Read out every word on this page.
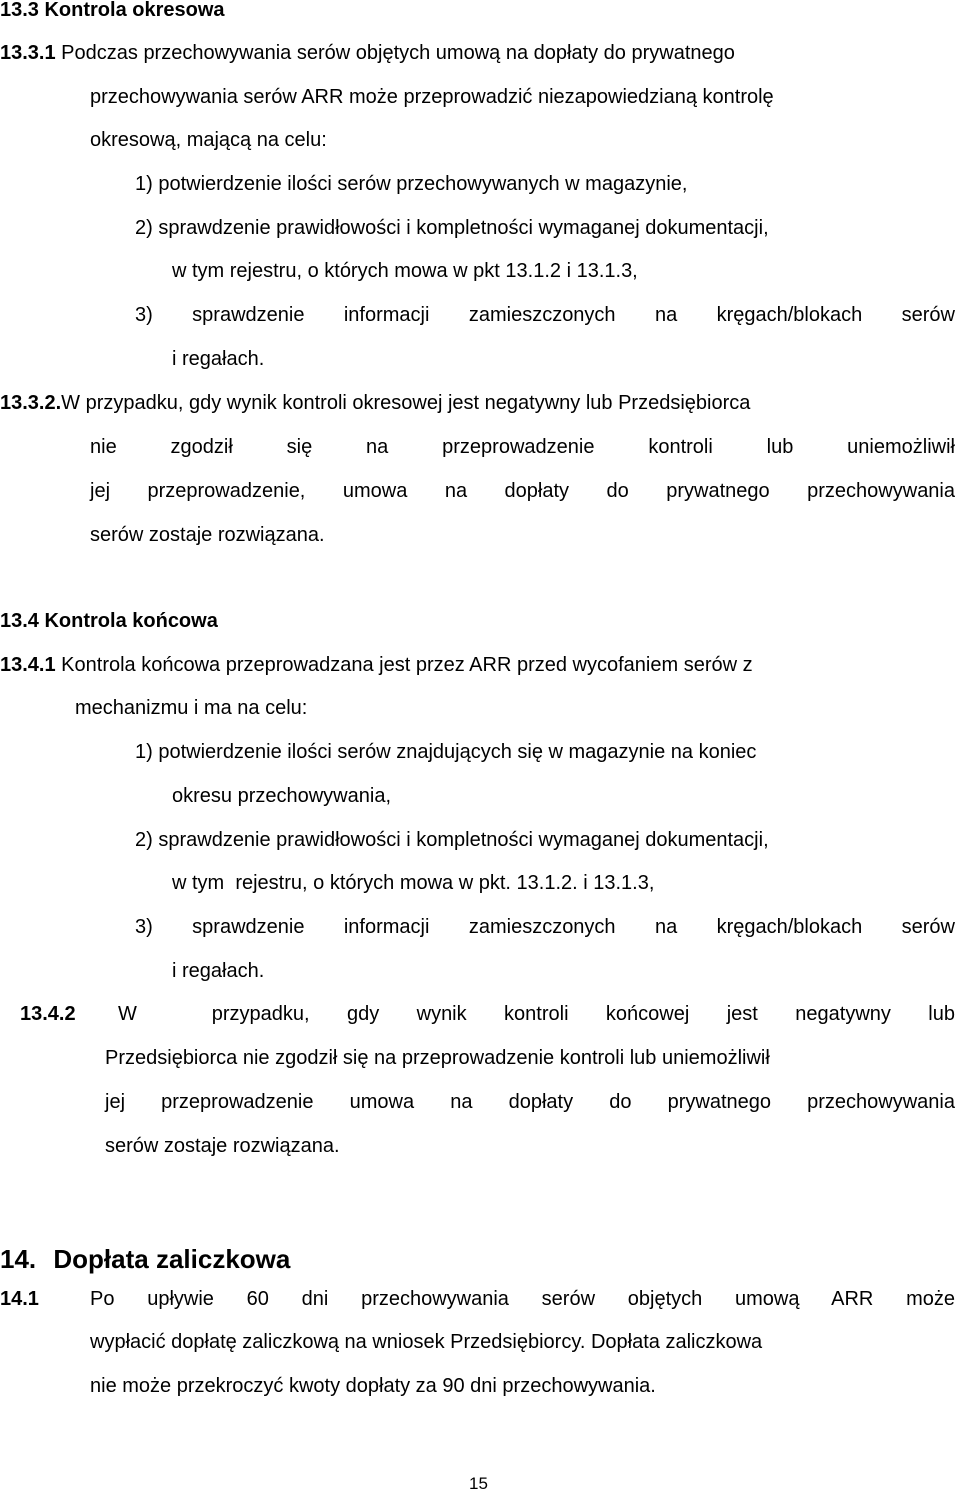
13.3 Kontrola okresowa
13.3.1 Podczas przechowywania serów objętych umową na dopłaty do prywatnego
przechowywania serów ARR może przeprowadzić niezapowiedzianą kontrolę
okresową, mającą na celu:
1) potwierdzenie ilości serów przechowywanych w magazynie,
2) sprawdzenie prawidłowości i kompletności wymaganej dokumentacji,
w tym rejestru, o których mowa w pkt 13.1.2 i 13.1.3,
3) sprawdzenie informacji zamieszczonych na kręgach/blokach serów
i regałach.
13.3.2.W przypadku, gdy wynik kontroli okresowej jest negatywny lub Przedsiębiorca
nie zgodził się na przeprowadzenie kontroli lub uniemożliwił
jej przeprowadzenie, umowa na dopłaty do prywatnego przechowywania
serów zostaje rozwiązana.
13.4 Kontrola końcowa
13.4.1 Kontrola końcowa przeprowadzana jest przez ARR przed wycofaniem serów z
mechanizmu i ma na celu:
1) potwierdzenie ilości serów znajdujących się w magazynie na koniec
okresu przechowywania,
2) sprawdzenie prawidłowości i kompletności wymaganej dokumentacji,
w tym  rejestru, o których mowa w pkt. 13.1.2. i 13.1.3,
3) sprawdzenie informacji zamieszczonych na kręgach/blokach serów
i regałach.
13.4.2 W  przypadku, gdy wynik kontroli końcowej jest negatywny lub
Przedsiębiorca nie zgodził się na przeprowadzenie kontroli lub uniemożliwił
jej przeprowadzenie umowa na dopłaty do prywatnego przechowywania
serów zostaje rozwiązana.
14. Dopłata zaliczkowa
14.1	Po upływie 60 dni przechowywania serów objętych umową ARR może
wypłacić dopłatę zaliczkową na wniosek Przedsiębiorcy. Dopłata zaliczkowa
nie może przekroczyć kwoty dopłaty za 90 dni przechowywania.
15
